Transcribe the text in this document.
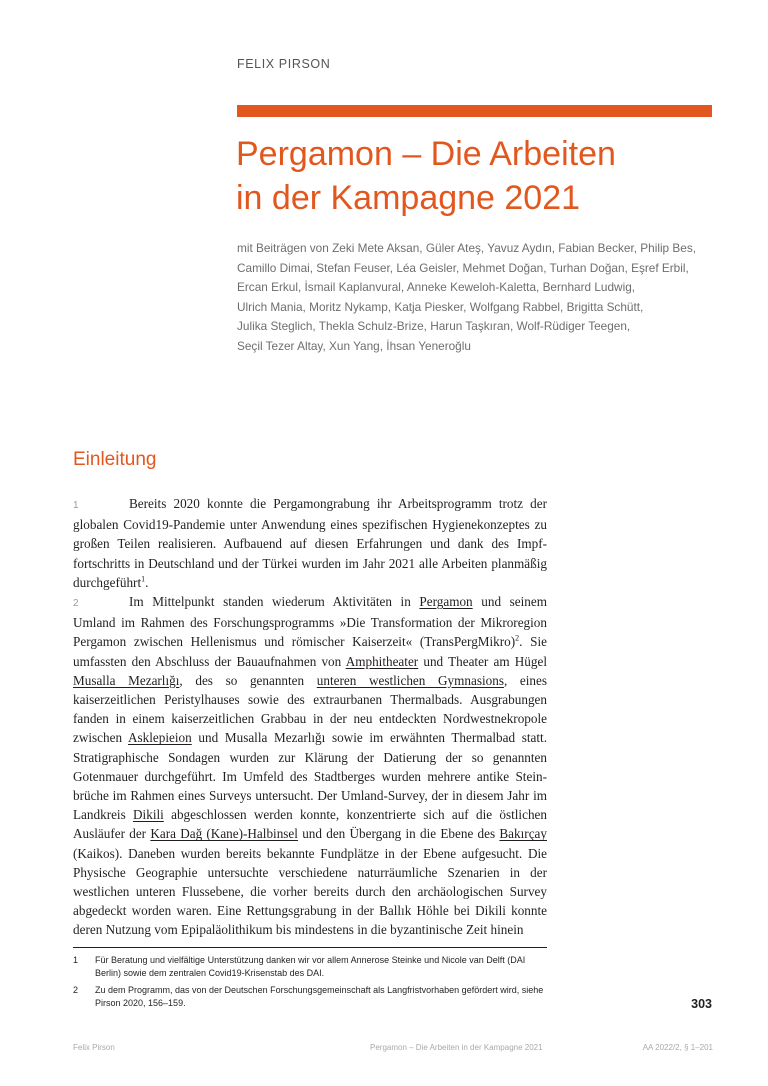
FELIX PIRSON
Pergamon – Die Arbeiten
in der Kampagne 2021

mit Beiträgen von Zeki Mete Aksan, Güler Ateş, Yavuz Aydın, Fabian Becker, Philip Bes,
Camillo Dimai, Stefan Feuser, Léa Geisler, Mehmet Doğan, Turhan Doğan, Eşref Erbil,
Ercan Erkul, İsmail Kaplanvural, Anneke Keweloh-Kaletta, Bernhard Ludwig,
Ulrich Mania, Moritz Nykamp, Katja Piesker, Wolfgang Rabbel, Brigitta Schütt,
Julika Steglich, Thekla Schulz-Brize, Harun Taşkıran, Wolf-Rüdiger Teegen,
Seçil Tezer Altay, Xun Yang, İhsan Yeneroğlu

Einleitung

1	Bereits 2020 konnte die Pergamongrabung ihr Arbeitsprogramm trotz der globalen Covid19-Pandemie unter Anwendung eines spezifischen Hygienekonzeptes zu großen Teilen realisieren. Aufbauend auf diesen Erfahrungen und dank des Impffortschritts in Deutschland und der Türkei wurden im Jahr 2021 alle Arbeiten planmäßig durchgeführt$^1$.

2	Im Mittelpunkt standen wiederum Aktivitäten in Pergamon und seinem Umland im Rahmen des Forschungsprogramms »Die Transformation der Mikroregion Pergamon zwischen Hellenismus und römischer Kaiserzeit« (TransPergMikro)$^2$. Sie umfassten den Abschluss der Bauaufnahmen von Amphitheater und Theater am Hügel Musalla Mezarlığı, des so genannten unteren westlichen Gymnasions, eines kaiserzeitlichen Peristylhauses sowie des extraurbanen Thermalbads. Ausgrabungen fanden in einem kaiserzeitlichen Grabbau in der neu entdeckten Nordwestnekropole zwischen Asklepieion und Musalla Mezarlığı sowie im erwähnten Thermalbad statt. Stratigraphische Sondagen wurden zur Klärung der Datierung der so genannten Gotenmauer durchgeführt. Im Umfeld des Stadtberges wurden mehrere antike Steinbrüche im Rahmen eines Surveys untersucht. Der Umland-Survey, der in diesem Jahr im Landkreis Dikili abgeschlossen werden konnte, konzentrierte sich auf die östlichen Ausläufer der Kara Dağ (Kane)-Halbinsel und den Übergang in die Ebene des Bakırçay (Kaikos). Daneben wurden bereits bekannte Fundplätze in der Ebene aufgesucht. Die Physische Geographie untersuchte verschiedene naturräumliche Szenarien in der westlichen unteren Flussebene, die vorher bereits durch den archäologischen Survey abgedeckt worden waren. Eine Rettungsgrabung in der Ballık Höhle bei Dikili konnte deren Nutzung vom Epipaläolithikum bis mindestens in die byzantinische Zeit hinein

1	Für Beratung und vielfältige Unterstützung danken wir vor allem Annerose Steinke und Nicole van Delft (DAI Berlin) sowie dem zentralen Covid19-Krisenstab des DAI.
2	Zu dem Programm, das von der Deutschen Forschungsgemeinschaft als Langfristvorhaben gefördert wird, siehe Pirson 2020, 156–159.	303
Felix Pirson	Pergamon – Die Arbeiten in der Kampagne 2021	AA 2022/2, § 1–201
